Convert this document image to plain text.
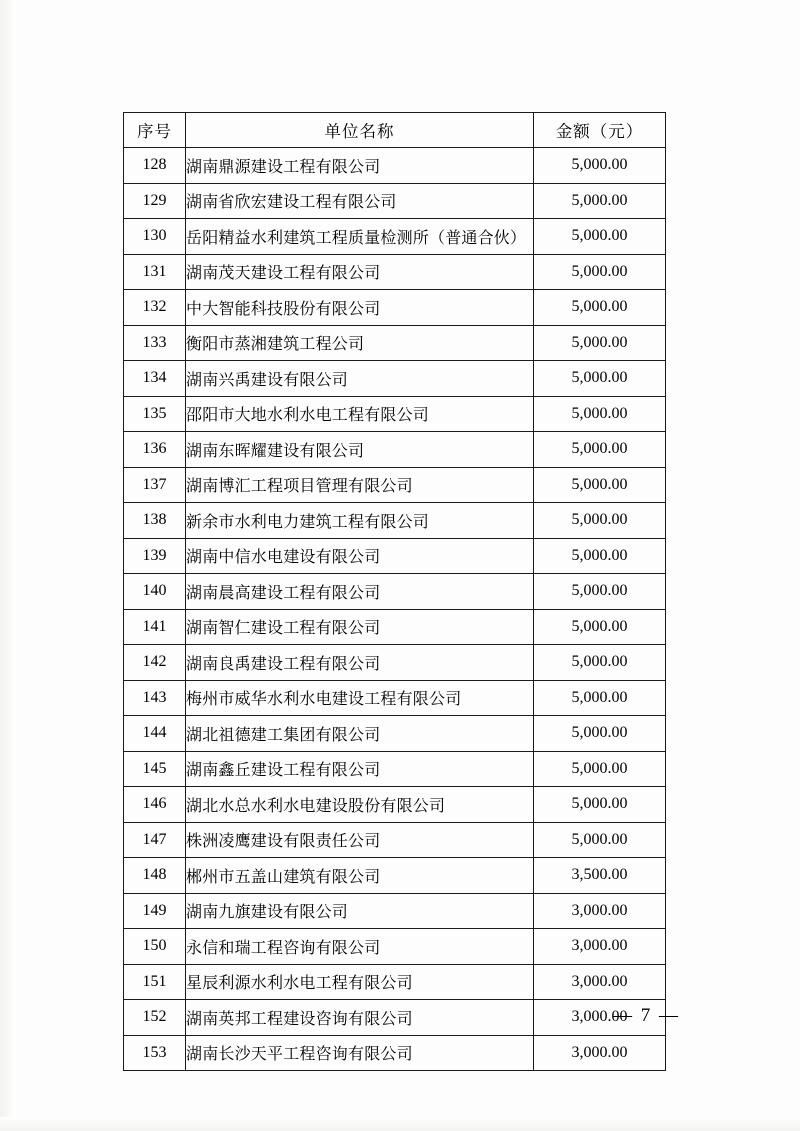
序号	单位名称	金额（元）
128	湖南鼎源建设工程有限公司	5,000.00
129	湖南省欣宏建设工程有限公司	5,000.00
130	岳阳精益水利建筑工程质量检测所（普通合伙）	5,000.00
131	湖南茂天建设工程有限公司	5,000.00
132	中大智能科技股份有限公司	5,000.00
133	衡阳市蒸湘建筑工程公司	5,000.00
134	湖南兴禹建设有限公司	5,000.00
135	邵阳市大地水利水电工程有限公司	5,000.00
136	湖南东晖耀建设有限公司	5,000.00
137	湖南博汇工程项目管理有限公司	5,000.00
138	新余市水利电力建筑工程有限公司	5,000.00
139	湖南中信水电建设有限公司	5,000.00
140	湖南晨高建设工程有限公司	5,000.00
141	湖南智仁建设工程有限公司	5,000.00
142	湖南良禹建设工程有限公司	5,000.00
143	梅州市威华水利水电建设工程有限公司	5,000.00
144	湖北祖德建工集团有限公司	5,000.00
145	湖南鑫丘建设工程有限公司	5,000.00
146	湖北水总水利水电建设股份有限公司	5,000.00
147	株洲凌鹰建设有限责任公司	5,000.00
148	郴州市五盖山建筑有限公司	3,500.00
149	湖南九旗建设有限公司	3,000.00
150	永信和瑞工程咨询有限公司	3,000.00
151	星辰利源水利水电工程有限公司	3,000.00
152	湖南英邦工程建设咨询有限公司	3,000.00
153	湖南长沙天平工程咨询有限公司	3,000.00
— 7 —
